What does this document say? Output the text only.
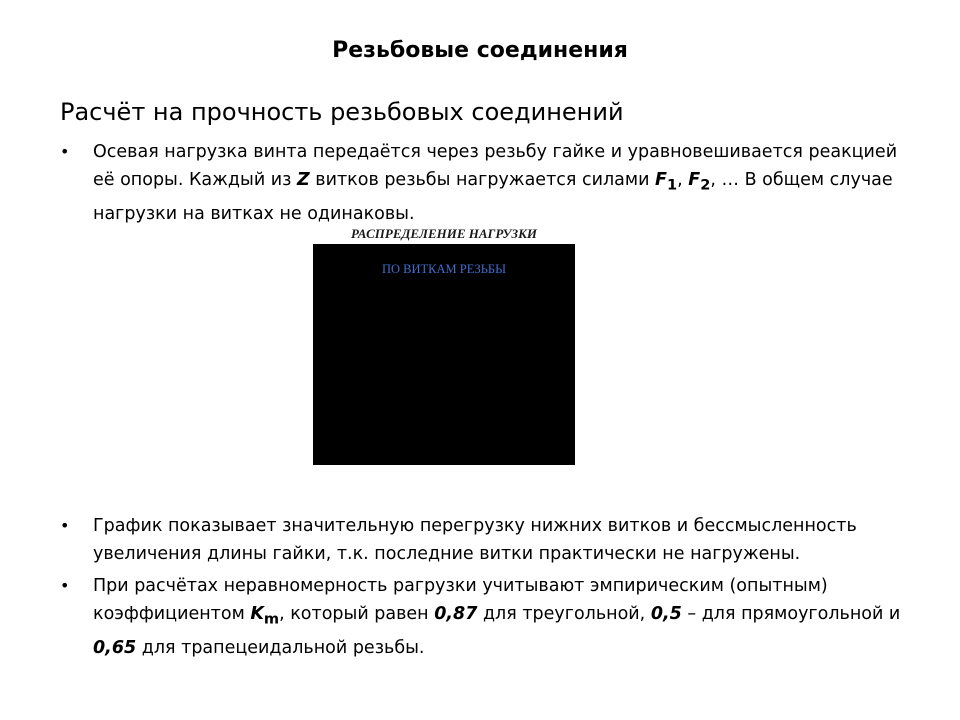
Резьбовые соединения
Расчёт на прочность резьбовых соединений
• Осевая нагрузка винта передаётся через резьбу гайке и уравновешивается реакцией её опоры. Каждый из Z витков резьбы нагружается силами $F_1$, $F_2$, … В общем случае нагрузки на витках не одинаковы.
РАСПРЕДЕЛЕНИЕ НАГРУЗКИ
ПО ВИТКАМ РЕЗЬБЫ
• График показывает значительную перегрузку нижних витков и бессмысленность увеличения длины гайки, т.к. последние витки практически не нагружены.
• При расчётах неравномерность рагрузки учитывают эмпирическим (опытным) коэффициентом $K_m$, который равен 0,87 для треугольной, 0,5 – для прямоугольной и 0,65 для трапецеидальной резьбы.
